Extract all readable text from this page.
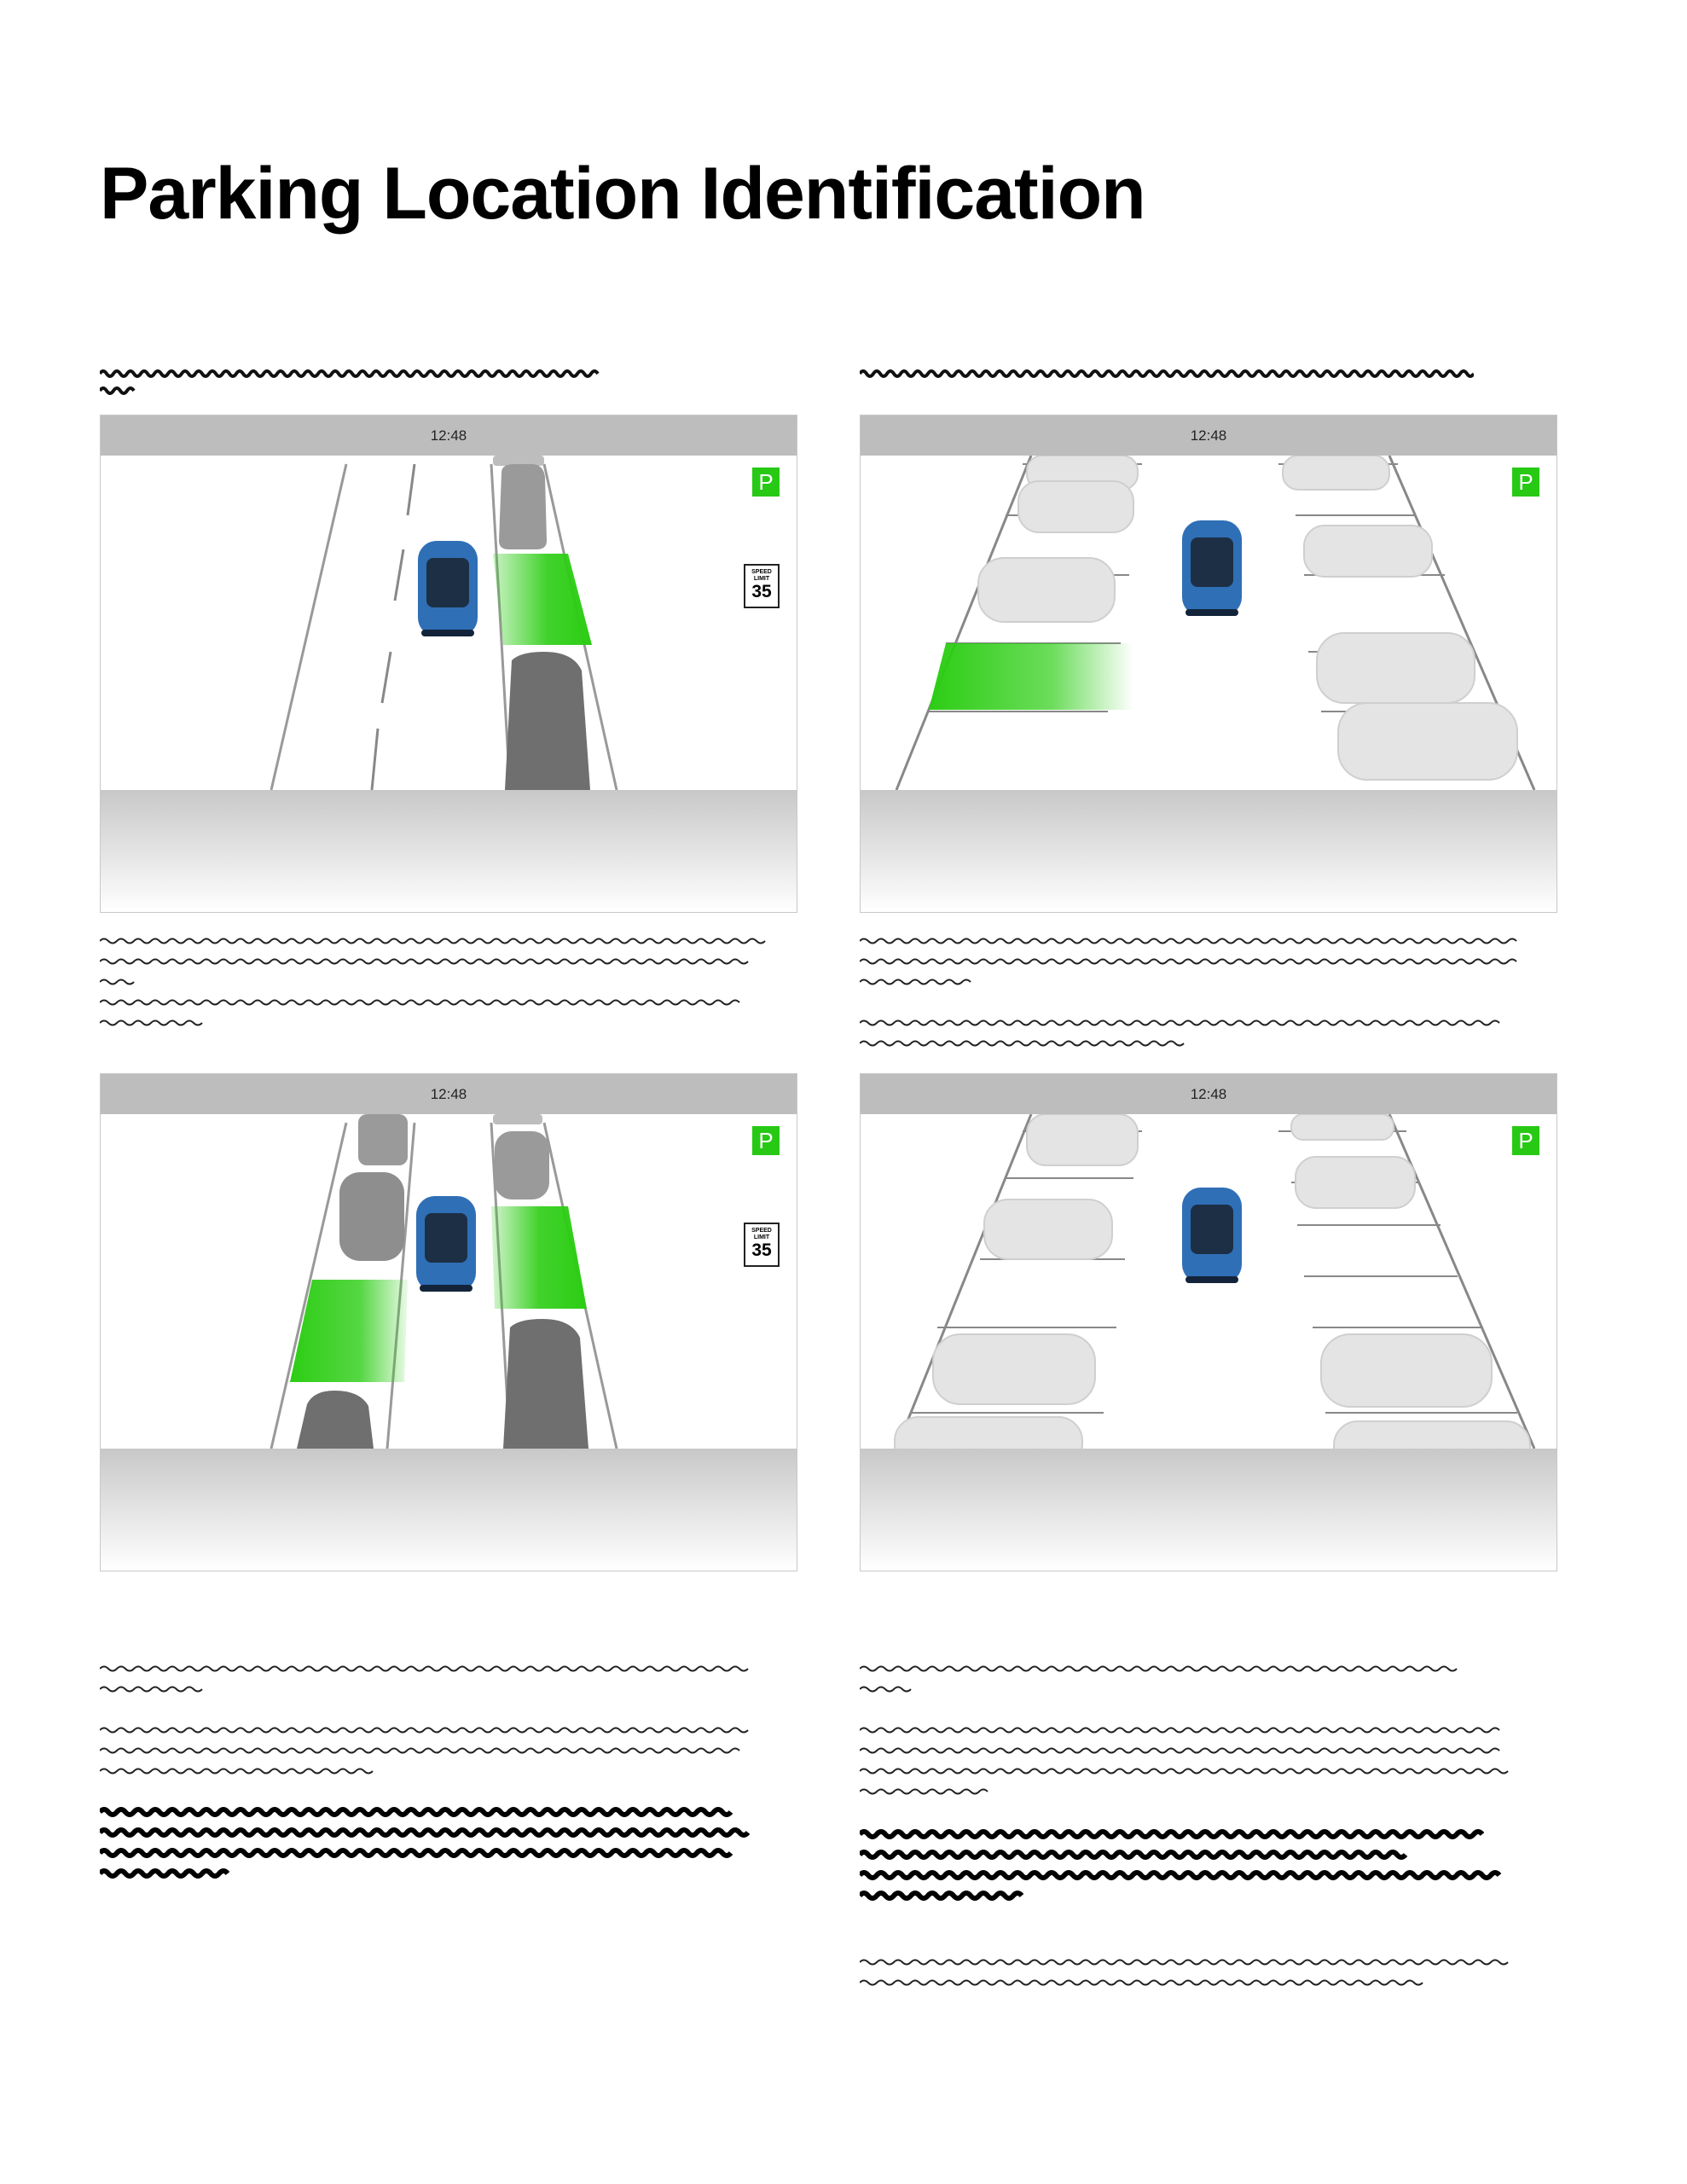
Parking Location Identification
12:48
P
SPEED
LIMIT
35
12:48
P
12:48
P
SPEED
LIMIT
35
12:48
P
